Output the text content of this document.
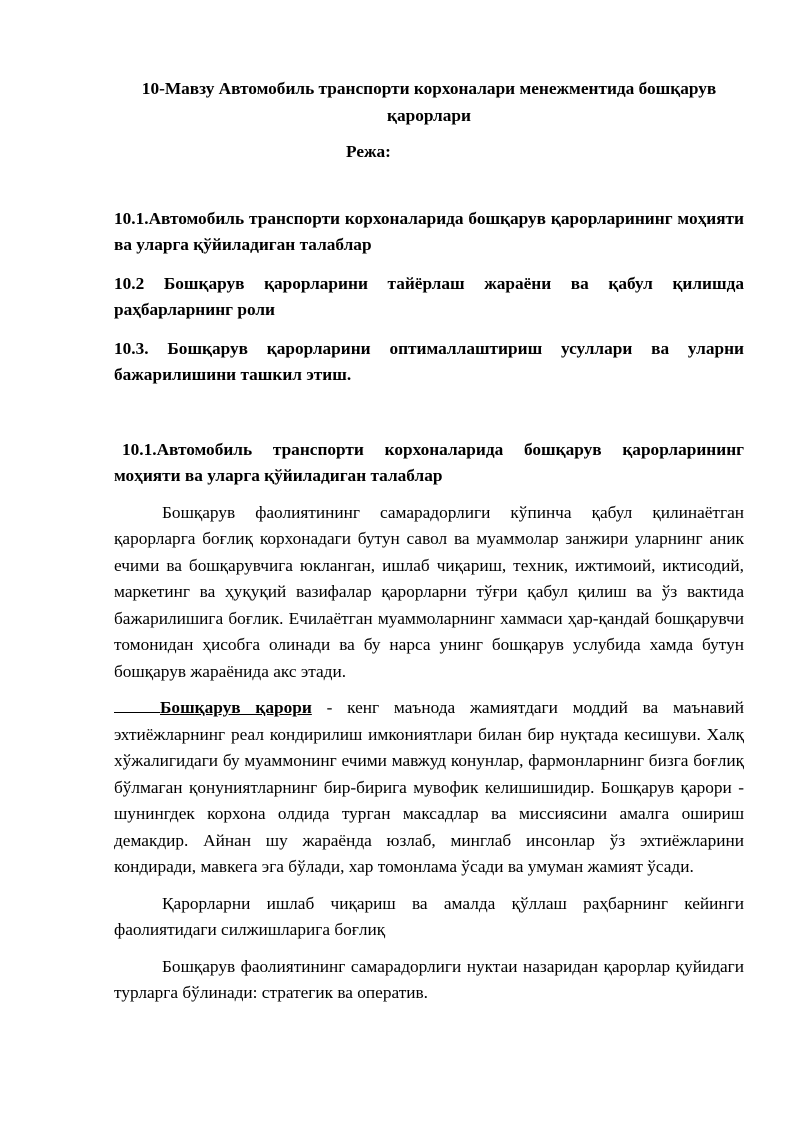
10-Мавзу Автомобиль транспорти корхоналари менежментида бошқарув қарорлари

Режа:

10.1.Автомобиль транспорти корхоналарида бошқарув қарорларининг моҳияти ва уларга қўйиладиган талаблар

10.2 Бошқарув қарорларини тайёрлаш жараёни ва қабул қилишда раҳбарларнинг роли

10.3. Бошқарув қарорларини оптималлаштириш усуллари ва уларни бажарилишини ташкил этиш.

10.1.Автомобиль транспорти корхоналарида бошқарув қарорларининг моҳияти ва уларга қўйиладиган талаблар

Бошқарув фаолиятининг самарадорлиги кўпинча қабул қилинаётган қарорларга боғлиқ корхонадаги бутун савол ва муаммолар занжири уларнинг аник ечими ва бошқарувчига юкланган, ишлаб чиқариш, техник, ижтимоий, иктисодий, маркетинг ва ҳуқуқий вазифалар қарорларни тўғри қабул қилиш ва ўз вактида бажарилишига боғлик. Ечилаётган муаммоларнинг хаммаси ҳар-қандай бошқарувчи томонидан ҳисобга олинади ва бу нарса унинг бошқарув услубида хамда бутун бошқарув жараёнида акс этади.

Бошқарув қарори - кенг маънода жамиятдаги моддий ва маънавий эхтиёжларнинг реал кондирилиш имкониятлари билан бир нуқтада кесишуви. Халқ хўжалигидаги бу муаммонинг ечими мавжуд конунлар, фармонларнинг бизга боғлиқ бўлмаган қонуниятларнинг бир-бирига мувофик келишишидир. Бошқарув қарори - шунингдек корхона олдида турган максадлар ва миссиясини амалга ошириш демакдир. Айнан шу жараёнда юзлаб, минглаб инсонлар ўз эхтиёжларини кондиради, мавкега эга бўлади, хар томонлама ўсади ва умуман жамият ўсади.

Қарорларни ишлаб чиқариш ва амалда қўллаш раҳбарнинг кейинги фаолиятидаги силжишларига боғлиқ

Бошқарув фаолиятининг самарадорлиги нуктаи назаридан қарорлар қуйидаги турларга бўлинади: стратегик ва оператив.
